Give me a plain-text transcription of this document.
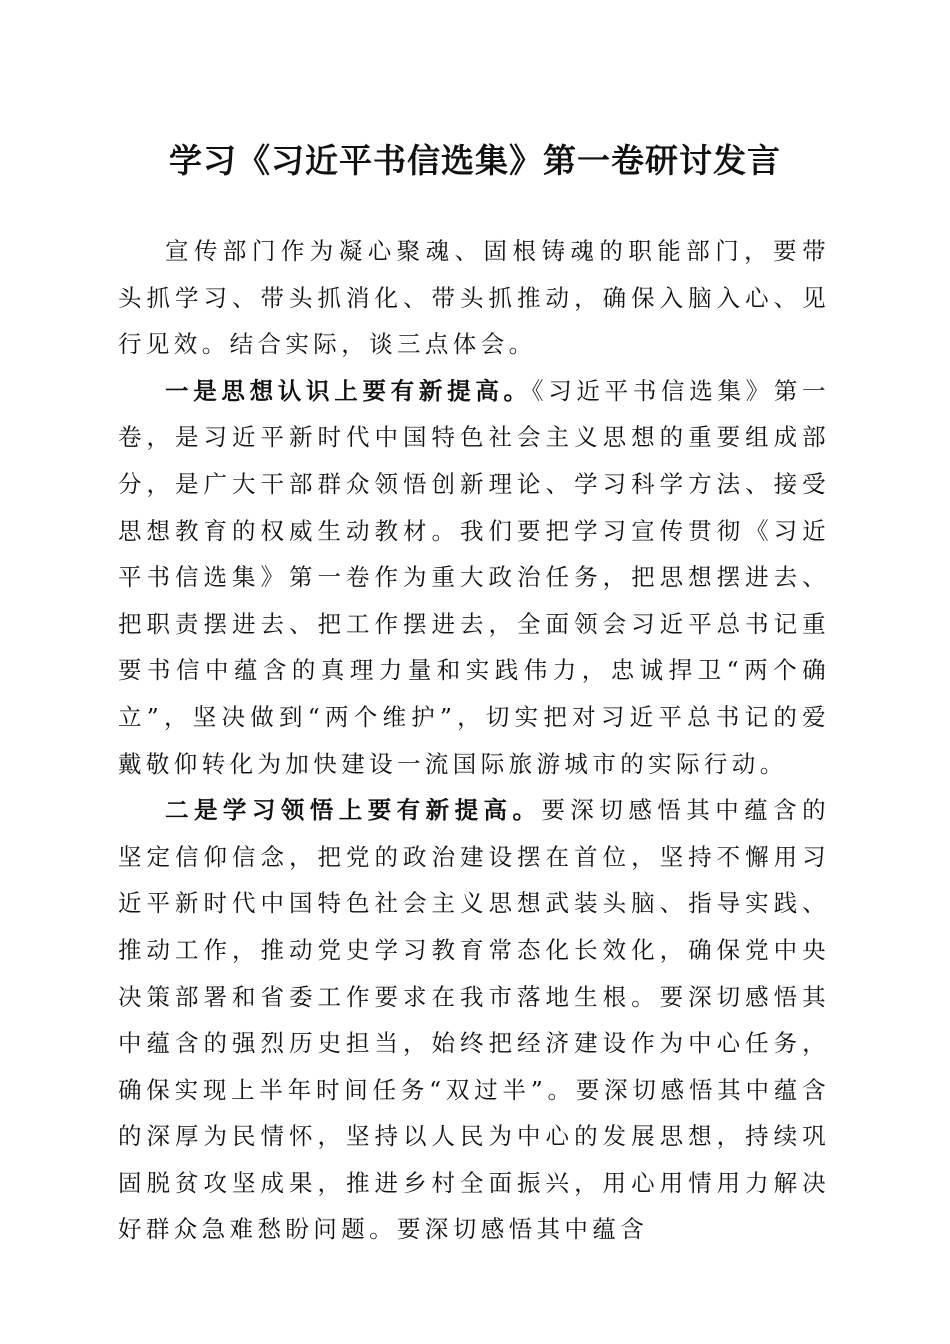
学习《习近平书信选集》第一卷研讨发言

宣传部门作为凝心聚魂、固根铸魂的职能部门，要带头抓学习、带头抓消化、带头抓推动，确保入脑入心、见行见效。结合实际，谈三点体会。

一是思想认识上要有新提高。《习近平书信选集》第一卷，是习近平新时代中国特色社会主义思想的重要组成部分，是广大干部群众领悟创新理论、学习科学方法、接受思想教育的权威生动教材。我们要把学习宣传贯彻《习近平书信选集》第一卷作为重大政治任务，把思想摆进去、把职责摆进去、把工作摆进去，全面领会习近平总书记重要书信中蕴含的真理力量和实践伟力，忠诚捍卫“两个确立”，坚决做到“两个维护”，切实把对习近平总书记的爱戴敬仰转化为加快建设一流国际旅游城市的实际行动。

二是学习领悟上要有新提高。要深切感悟其中蕴含的坚定信仰信念，把党的政治建设摆在首位，坚持不懈用习近平新时代中国特色社会主义思想武装头脑、指导实践、推动工作，推动党史学习教育常态化长效化，确保党中央决策部署和省委工作要求在我市落地生根。要深切感悟其中蕴含的强烈历史担当，始终把经济建设作为中心任务，确保实现上半年时间任务“双过半”。要深切感悟其中蕴含的深厚为民情怀，坚持以人民为中心的发展思想，持续巩固脱贫攻坚成果，推进乡村全面振兴，用心用情用力解决好群众急难愁盼问题。要深切感悟其中蕴含
